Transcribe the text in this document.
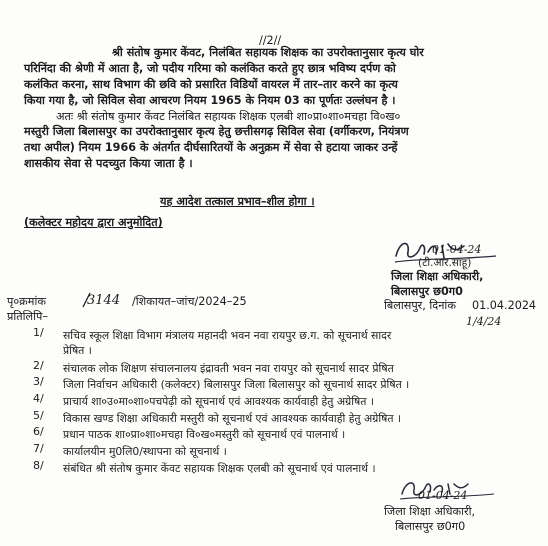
//2//
श्री संतोष कुमार केंवट, निलंबित सहायक शिक्षक का उपरोक्तानुसार कृत्य घोर
परिनिंदा की श्रेणी में आता है, जो पदीय गरिमा को कलंकित करते हुए छात्र भविष्य दर्पण को
कलंकित करना, साथ विभाग की छवि को प्रसारित विडियों वायरल में तार–तार करने का कृत्य
किया गया है, जो सिविल सेवा आचरण नियम 1965 के नियम 03 का पूर्णतः उल्लंघन है ।
अतः श्री संतोष कुमार केंवट निलंबित सहायक शिक्षक एलबी शा०प्रा०शा०मचहा वि०ख०
मस्तुरी जिला बिलासपुर का उपरोक्तानुसार कृत्य हेतु छत्तीसगढ़ सिविल सेवा (वर्गीकरण, नियंत्रण
तथा अपील) नियम 1966 के अंतर्गत दीर्घसारितयों के अनुक्रम में सेवा से हटाया जाकर उन्हें
शासकीय सेवा से पदच्युत किया जाता है ।
यह आदेश तत्काल प्रभाव–शील होगा ।
(कलेक्टर महोदय द्वारा अनुमोदित)
01-04-24
(टी.आर.साहू)
जिला शिक्षा अधिकारी,
बिलासपुर छ0ग0
पृ०क्रमांक	3144 /शिकायत–जांच/2024–25	बिलासपुर, दिनांक 01.04.2024
1/4/24
प्रतिलिपि–
1/ सचिव स्कूल शिक्षा विभाग मंत्रालय महानदी भवन नवा रायपुर छ.ग. को सूचनार्थ सादर
प्रेषित ।
2/ संचालक लोक शिक्षण संचालनालय इंद्रावती भवन नवा रायपुर को सूचनार्थ सादर प्रेषित
3/ जिला निर्वाचन अधिकारी (कलेक्टर) बिलासपुर जिला बिलासपुर को सूचनार्थ सादर प्रेषित ।
4/ प्राचार्य शा०उ०मा०शा०पचपेढ़ी को सूचनार्थ एवं आवश्यक कार्यवाही हेतु अग्रेषित ।
5/ विकास खण्ड शिक्षा अधिकारी मस्तुरी को सूचनार्थ एवं आवश्यक कार्यवाही हेतु अग्रेषित ।
6/ प्रधान पाठक शा०प्रा०शा०मचहा वि०ख०मस्तुरी को सूचनार्थ एवं पालनार्थ ।
7/ कार्यालयीन मु0लि0/स्थापना को सूचनार्थ ।
8/ संबंधित श्री संतोष कुमार केंवट सहायक शिक्षक एलबी को सूचनार्थ एवं पालनार्थ ।
01-04-24
जिला शिक्षा अधिकारी,
बिलासपुर छ0ग0
